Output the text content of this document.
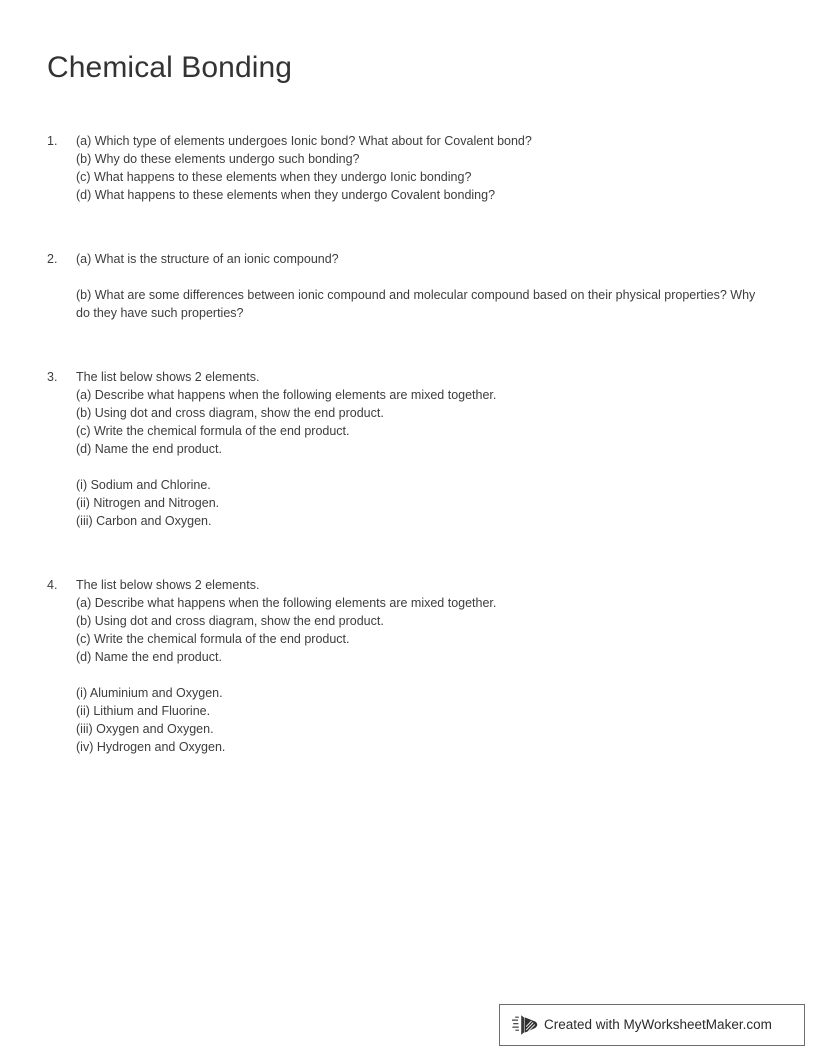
Chemical Bonding
1.	(a) Which type of elements undergoes Ionic bond? What about for Covalent bond?
(b) Why do these elements undergo such bonding?
(c) What happens to these elements when they undergo Ionic bonding?
(d) What happens to these elements when they undergo Covalent bonding?
2.	(a) What is the structure of an ionic compound?
(b) What are some differences between ionic compound and molecular compound based on their physical properties? Why do they have such properties?
3.	The list below shows 2 elements.
(a) Describe what happens when the following elements are mixed together.
(b) Using dot and cross diagram, show the end product.
(c) Write the chemical formula of the end product.
(d) Name the end product.
(i) Sodium and Chlorine.
(ii) Nitrogen and Nitrogen.
(iii) Carbon and Oxygen.
4.	The list below shows 2 elements.
(a) Describe what happens when the following elements are mixed together.
(b) Using dot and cross diagram, show the end product.
(c) Write the chemical formula of the end product.
(d) Name the end product.
(i) Aluminium and Oxygen.
(ii) Lithium and Fluorine.
(iii) Oxygen and Oxygen.
(iv) Hydrogen and Oxygen.
Created with MyWorksheetMaker.com
